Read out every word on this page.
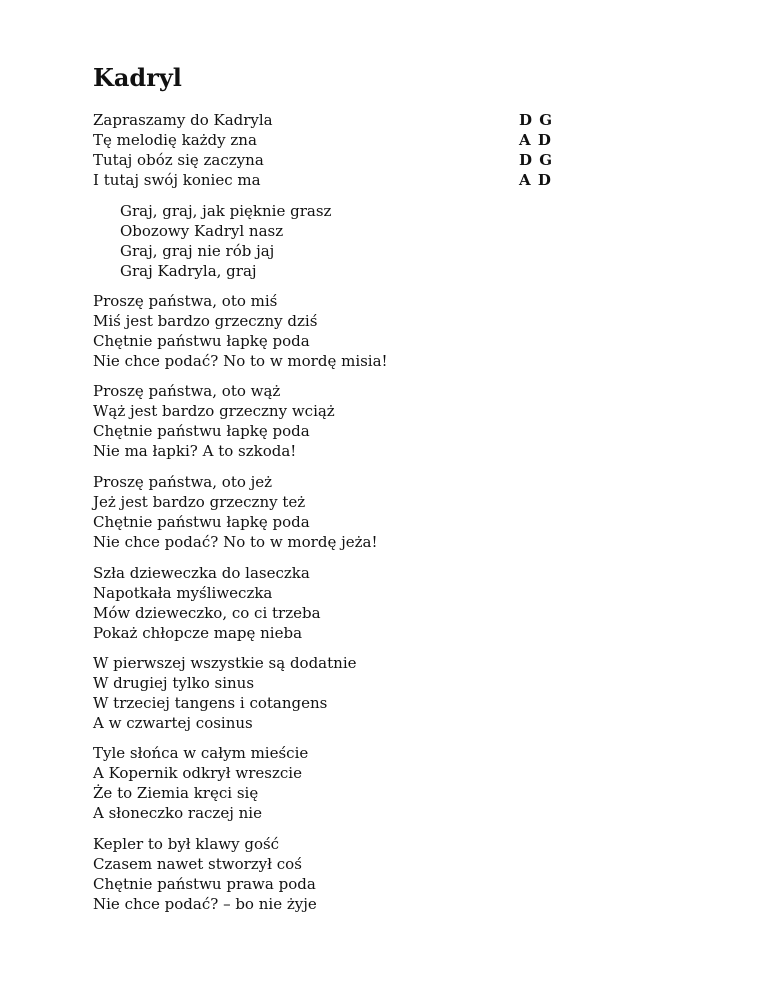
Kadryl
D G
A D
D G
A D
Zapraszamy do Kadryla
Tę melodię każdy zna
Tutaj obóz się zaczyna
I tutaj swój koniec ma
Graj, graj, jak pięknie grasz
Obozowy Kadryl nasz
Graj, graj nie rób jaj
Graj Kadryla, graj
Proszę państwa, oto miś
Miś jest bardzo grzeczny dziś
Chętnie państwu łapkę poda
Nie chce podać? No to w mordę misia!
Proszę państwa, oto wąż
Wąż jest bardzo grzeczny wciąż
Chętnie państwu łapkę poda
Nie ma łapki? A to szkoda!
Proszę państwa, oto jeż
Jeż jest bardzo grzeczny też
Chętnie państwu łapkę poda
Nie chce podać? No to w mordę jeża!
Szła dzieweczka do laseczka
Napotkała myśliweczka
Mów dzieweczko, co ci trzeba
Pokaż chłopcze mapę nieba
W pierwszej wszystkie są dodatnie
W drugiej tylko sinus
W trzeciej tangens i cotangens
A w czwartej cosinus
Tyle słońca w całym mieście
A Kopernik odkrył wreszcie
Że to Ziemia kręci się
A słoneczko raczej nie
Kepler to był klawy gość
Czasem nawet stworzył coś
Chętnie państwu prawa poda
Nie chce podać? – bo nie żyje
